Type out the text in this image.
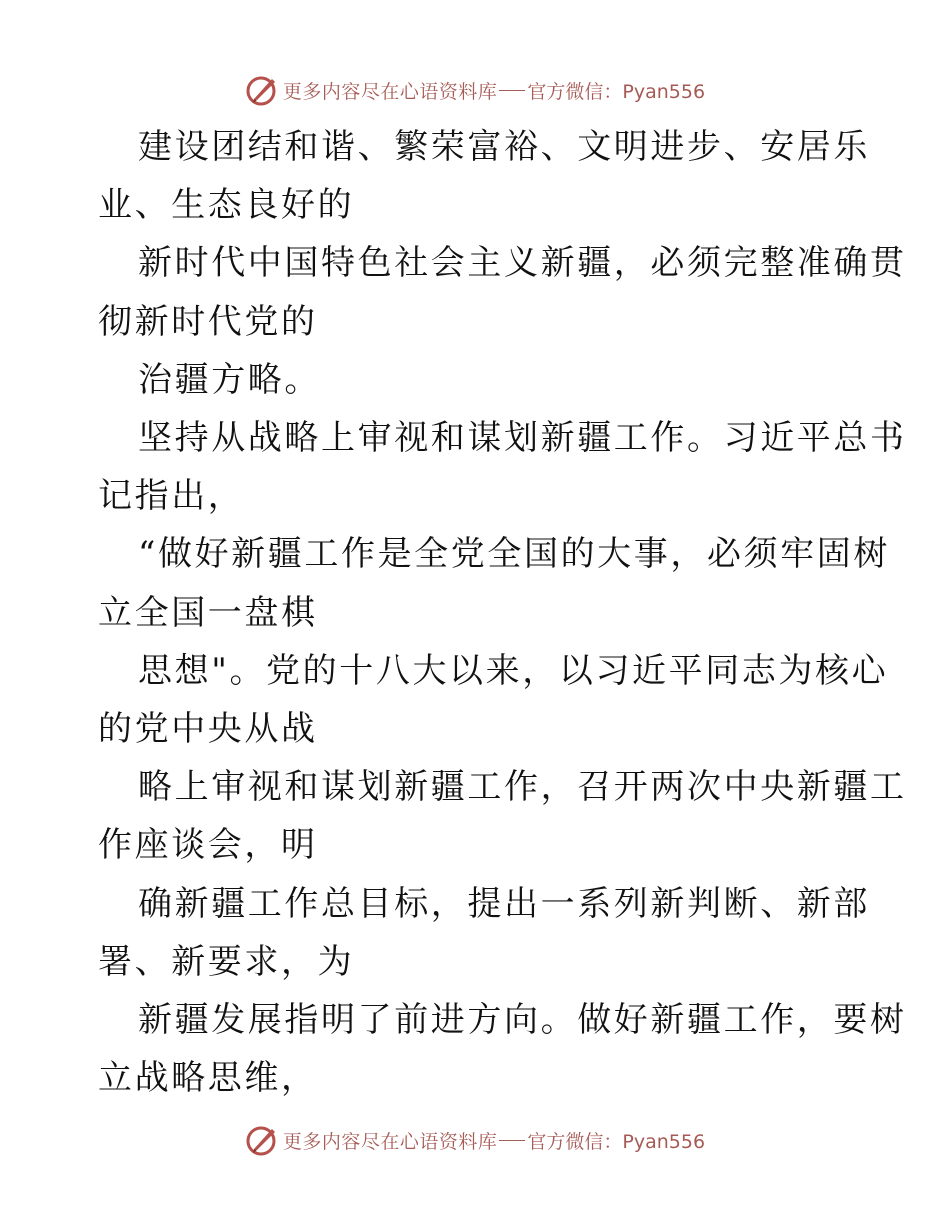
更多内容尽在心语资料库 官方微信：Pyan556

建设团结和谐、繁荣富裕、文明进步、安居乐
业、生态良好的

新时代中国特色社会主义新疆，必须完整准确贯
彻新时代党的

治疆方略。

坚持从战略上审视和谋划新疆工作。习近平总书
记指出，

“做好新疆工作是全党全国的大事，必须牢固树
立全国一盘棋

思想"。党的十八大以来，以习近平同志为核心
的党中央从战

略上审视和谋划新疆工作，召开两次中央新疆工
作座谈会，明

确新疆工作总目标，提出一系列新判断、新部
署、新要求，为

新疆发展指明了前进方向。做好新疆工作，要树
立战略思维，

更多内容尽在心语资料库 官方微信：Pyan556
